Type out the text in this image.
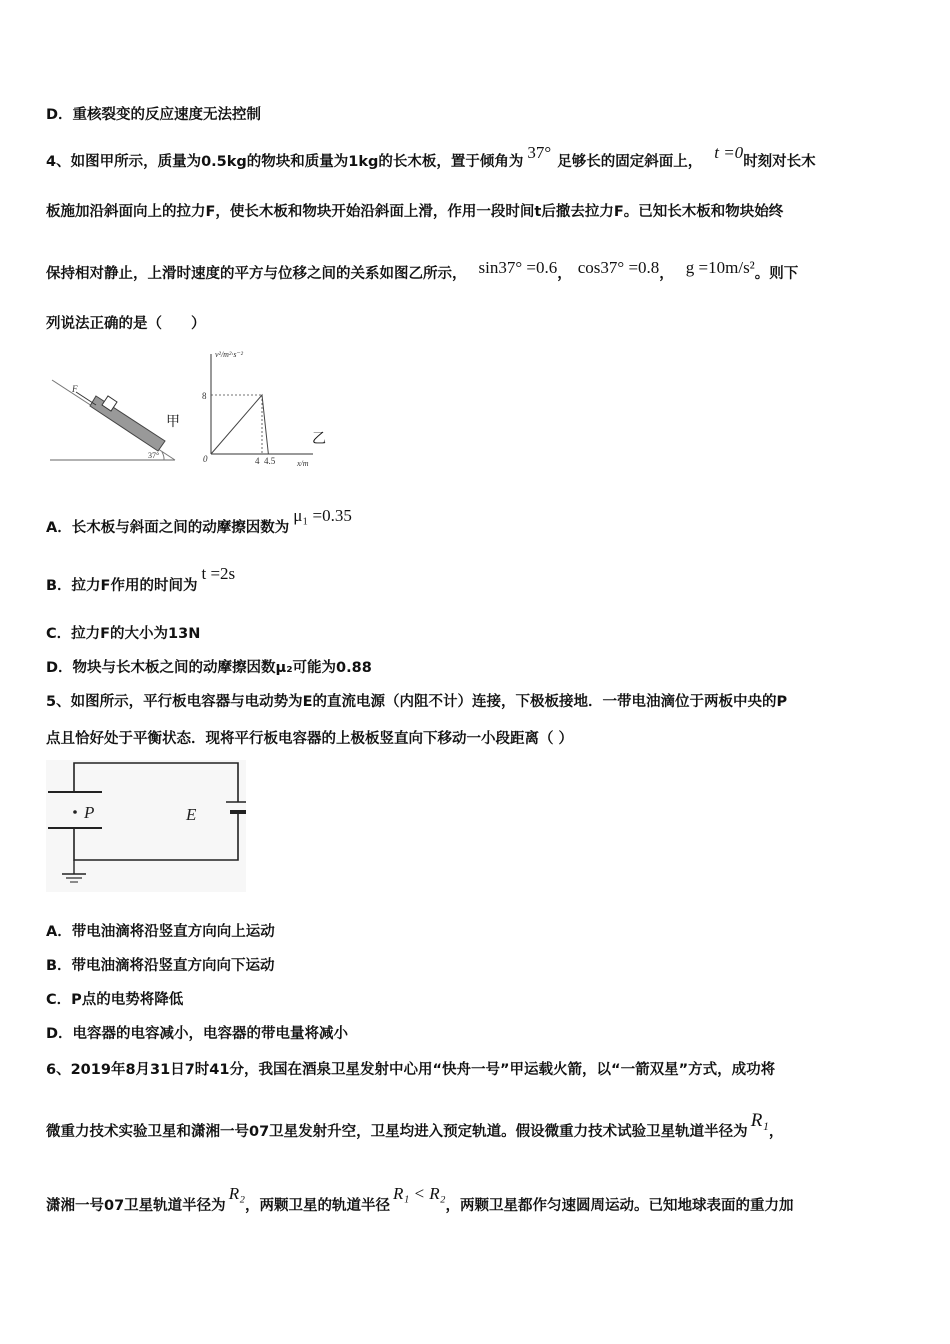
D．重核裂变的反应速度无法控制
4、如图甲所示，质量为0.5kg的物块和质量为1kg的长木板，置于倾角为 37° 足够长的固定斜面上， t =0时刻对长木
板施加沿斜面向上的拉力F，使长木板和物块开始沿斜面上滑，作用一段时间t后撤去拉力F。已知长木板和物块始终
保持相对静止，上滑时速度的平方与位移之间的关系如图乙所示， sin37° =0.6， cos37° =0.8， g =10m/s²。则下
列说法正确的是（　　）
F
37°
甲
v²/m²·s⁻²
8
0	4 4.5	x/m
乙
A．长木板与斜面之间的动摩擦因数为μ₁ =0.35
B．拉力F作用的时间为t =2s
C．拉力F的大小为13N
D．物块与长木板之间的动摩擦因数μ₂可能为0.88
5、如图所示，平行板电容器与电动势为E的直流电源（内阻不计）连接，下极板接地．一带电油滴位于两板中央的P
点且恰好处于平衡状态．现将平行板电容器的上极板竖直向下移动一小段距离（ ）
P	E
A．带电油滴将沿竖直方向向上运动
B．带电油滴将沿竖直方向向下运动
C．P点的电势将降低
D．电容器的电容减小，电容器的带电量将减小
6、2019年8月31日7时41分，我国在酒泉卫星发射中心用“快舟一号”甲运载火箭，以“一箭双星”方式，成功将
微重力技术实验卫星和潇湘一号07卫星发射升空，卫星均进入预定轨道。假设微重力技术试验卫星轨道半径为R₁，
潇湘一号07卫星轨道半径为R₂，两颗卫星的轨道半径R₁ < R₂，两颗卫星都作匀速圆周运动。已知地球表面的重力加
